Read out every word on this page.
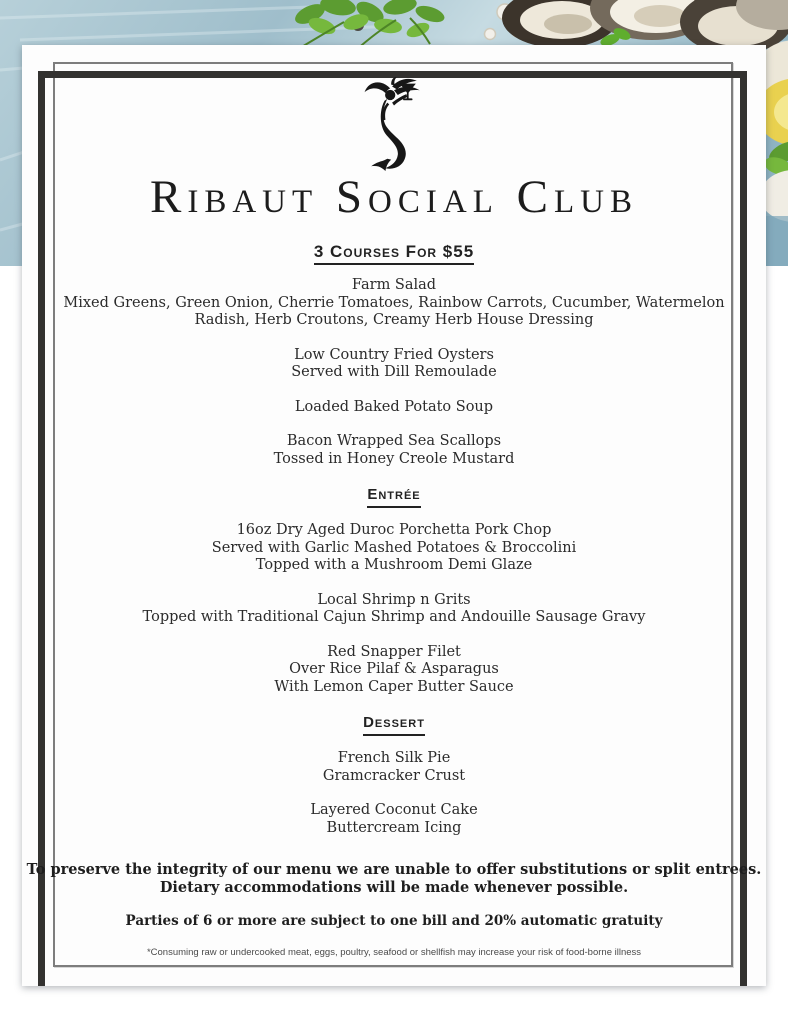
Ribaut Social Club
3 Courses For $55
Farm Salad
Mixed Greens, Green Onion, Cherrie Tomatoes, Rainbow Carrots, Cucumber, Watermelon
Radish, Herb Croutons, Creamy Herb House Dressing
Low Country Fried Oysters
Served with Dill Remoulade
Loaded Baked Potato Soup
Bacon Wrapped Sea Scallops
Tossed in Honey Creole Mustard
Entrée
16oz Dry Aged Duroc Porchetta Pork Chop
Served with Garlic Mashed Potatoes & Broccolini
Topped with a Mushroom Demi Glaze
Local Shrimp n Grits
Topped with Traditional Cajun Shrimp and Andouille Sausage Gravy
Red Snapper Filet
Over Rice Pilaf & Asparagus
With Lemon Caper Butter Sauce
Dessert
French Silk Pie
Gramcracker Crust
Layered Coconut Cake
Buttercream Icing

To preserve the integrity of our menu we are unable to offer substitutions or split entrees.
Dietary accommodations will be made whenever possible.

Parties of 6 or more are subject to one bill and 20% automatic gratuity

*Consuming raw or undercooked meat, eggs, poultry, seafood or shellfish may increase your risk of food-borne illness
